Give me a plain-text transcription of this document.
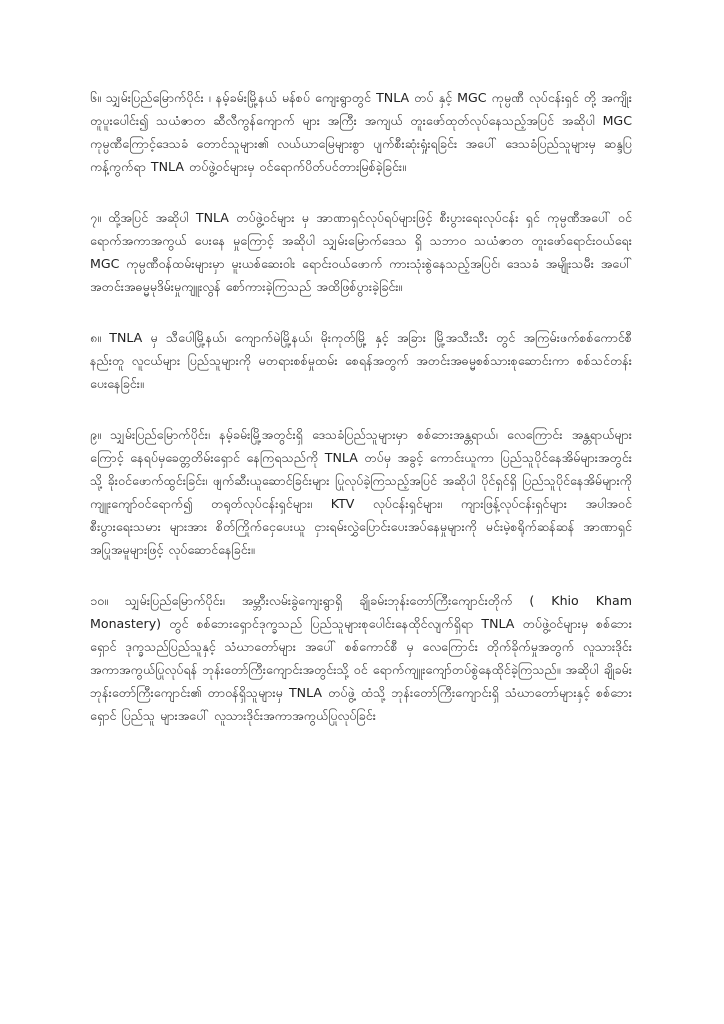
၆။ သျှမ်းပြည်မြောက်ပိုင်း ၊ နမ့်ခမ်းမြို့နယ် မန်စပ် ကျေးရွာတွင် TNLA တပ် နှင့် MGC ကုမ္ပဏီ လုပ်ငန်းရှင် တို့ အကျိုးတူပူးပေါင်း၍ သယံဇာတ ဆီလီကွန်ကျောက် များ အကြီး အကျယ် တူးဖော်ထုတ်လုပ်နေသည့်အပြင် အဆိုပါ MGC ကုမ္ပဏီကြောင့်ဒေသခံ တောင်သူများ၏ လယ်ယာမြေများစွာ ပျက်စီးဆုံးရှုံးရခြင်း အပေါ် ဒေသခံပြည်သူများမှ ဆန္ဒပြကန့်ကွက်ရာ TNLA တပ်ဖွဲ့ဝင်များမှ ဝင်ရောက်ပိတ်ပင်တားမြစ်ခဲ့ခြင်း။

၇။ ထို့အပြင် အဆိုပါ TNLA တပ်ဖွဲ့ဝင်များ မှ အာဏာရှင်လုပ်ရပ်များဖြင့် စီးပွားရေးလုပ်ငန်း ရှင် ကုမ္ပဏီအပေါ် ဝင်ရောက်အကာအကွယ် ပေးနေ မှုကြောင့် အဆိုပါ သျှမ်းမြောက်ဒေသ ရှိ သဘာဝ သယံဇာတ တူးဖော်ရောင်းဝယ်ရေး MGC ကုမ္ပဏီဝန်ထမ်းများမှာ မူးယစ်ဆေးဝါး ရောင်းဝယ်ဖောက် ကားသုံးစွဲနေသည့်အပြင်၊ ဒေသခံ အမျိုးသမီး အပေါ် အတင်းအဓမ္မမုဒိမ်းမှုကျူးလွန် စော်ကားခဲ့ကြသည် အထိဖြစ်ပွားခဲ့ခြင်း။

၈။ TNLA မှ သီပေါမြို့နယ်၊ ကျောက်မဲမြို့နယ်၊ မိုးကုတ်မြို့ နှင့် အခြား မြို့အသီးသီး တွင် အကြမ်းဖက်စစ်ကောင်စီ နည်းတူ လူငယ်များ ပြည်သူများကို မတရားစစ်မှုထမ်း စေရန်အတွက် အတင်းအဓမ္မစစ်သားစုဆောင်းကာ စစ်သင်တန်း ပေးနေခြင်း။

၉။ သျှမ်းပြည်မြောက်ပိုင်း၊ နမ့်ခမ်းမြို့အတွင်းရှိ ဒေသခံပြည်သူများမှာ စစ်ဘေးအန္တရာယ်၊ လေကြောင်း အန္တရာယ်များကြောင့် နေရပ်မှခေတ္တတိမ်းရှောင် နေကြရသည်ကို TNLA တပ်မှ အခွင့် ကောင်းယူကာ ပြည်သူပိုင်နေအိမ်များအတွင်းသို့ ခိုးဝင်ဖောက်ထွင်းခြင်း၊ ဖျက်ဆီးယူဆောင်ခြင်းများ ပြုလုပ်ခဲ့ကြသည့်အပြင် အဆိုပါ ပိုင်ရှင်ရှိ ပြည်သူပိုင်နေအိမ်များကို ကျူးကျော်ဝင်ရောက်၍ တရုတ်လုပ်ငန်းရှင်များ၊ KTV လုပ်ငန်းရှင်များ၊ ကျားဖြန့်လုပ်ငန်းရှင်များ အပါအဝင် စီးပွားရေးသမား များအား စိတ်ကြိုက်ငှေပေးယူ ငှားရမ်းလွှဲပြောင်းပေးအပ်နေမှုများကို မင်းမဲ့စရိုက်ဆန်ဆန် အာဏာရှင် အပြုအမူများဖြင့် လုပ်ဆောင်နေခြင်း။

၁၀။ သျှမ်းပြည်မြောက်ပိုင်း၊ အမ္ဘာီးလမ်းခွဲကျေးရွာရှိ ချိုခမ်းဘုန်းတော်ကြီးကျောင်းတိုက် ( Khio Kham Monastery) တွင် စစ်ဘေးရှောင်ဒုက္ခသည် ပြည်သူများစုပေါင်းနေထိုင်လျက်ရှိရာ TNLA တပ်ဖွဲ့ဝင်များမှ စစ်ဘေးရှောင် ဒုက္ခသည်ပြည်သူနှင့် သံဃာတော်များ အပေါ် စစ်ကောင်စီ မှ လေကြောင်း တိုက်ခိုက်မှုအတွက် လူသားဒိုင်း အကာအကွယ်ပြုလုပ်ရန် ဘုန်းတော်ကြီးကျောင်းအတွင်းသို့ ဝင် ရောက်ကျူးကျော်တပ်စွဲနေထိုင်ခဲ့ကြသည်။ အဆိုပါ ချိုခမ်း ဘုန်းတော်ကြီးကျောင်း၏ တာဝန်ရှိသူများမှ TNLA တပ်ဖွဲ့ ထံသို့ ဘုန်းတော်ကြီးကျောင်းရှိ သံဃာတော်များနှင့် စစ်ဘေးရှောင် ပြည်သူ များအပေါ် လူသားဒိုင်းအကာအကွယ်ပြုလုပ်ခြင်း
